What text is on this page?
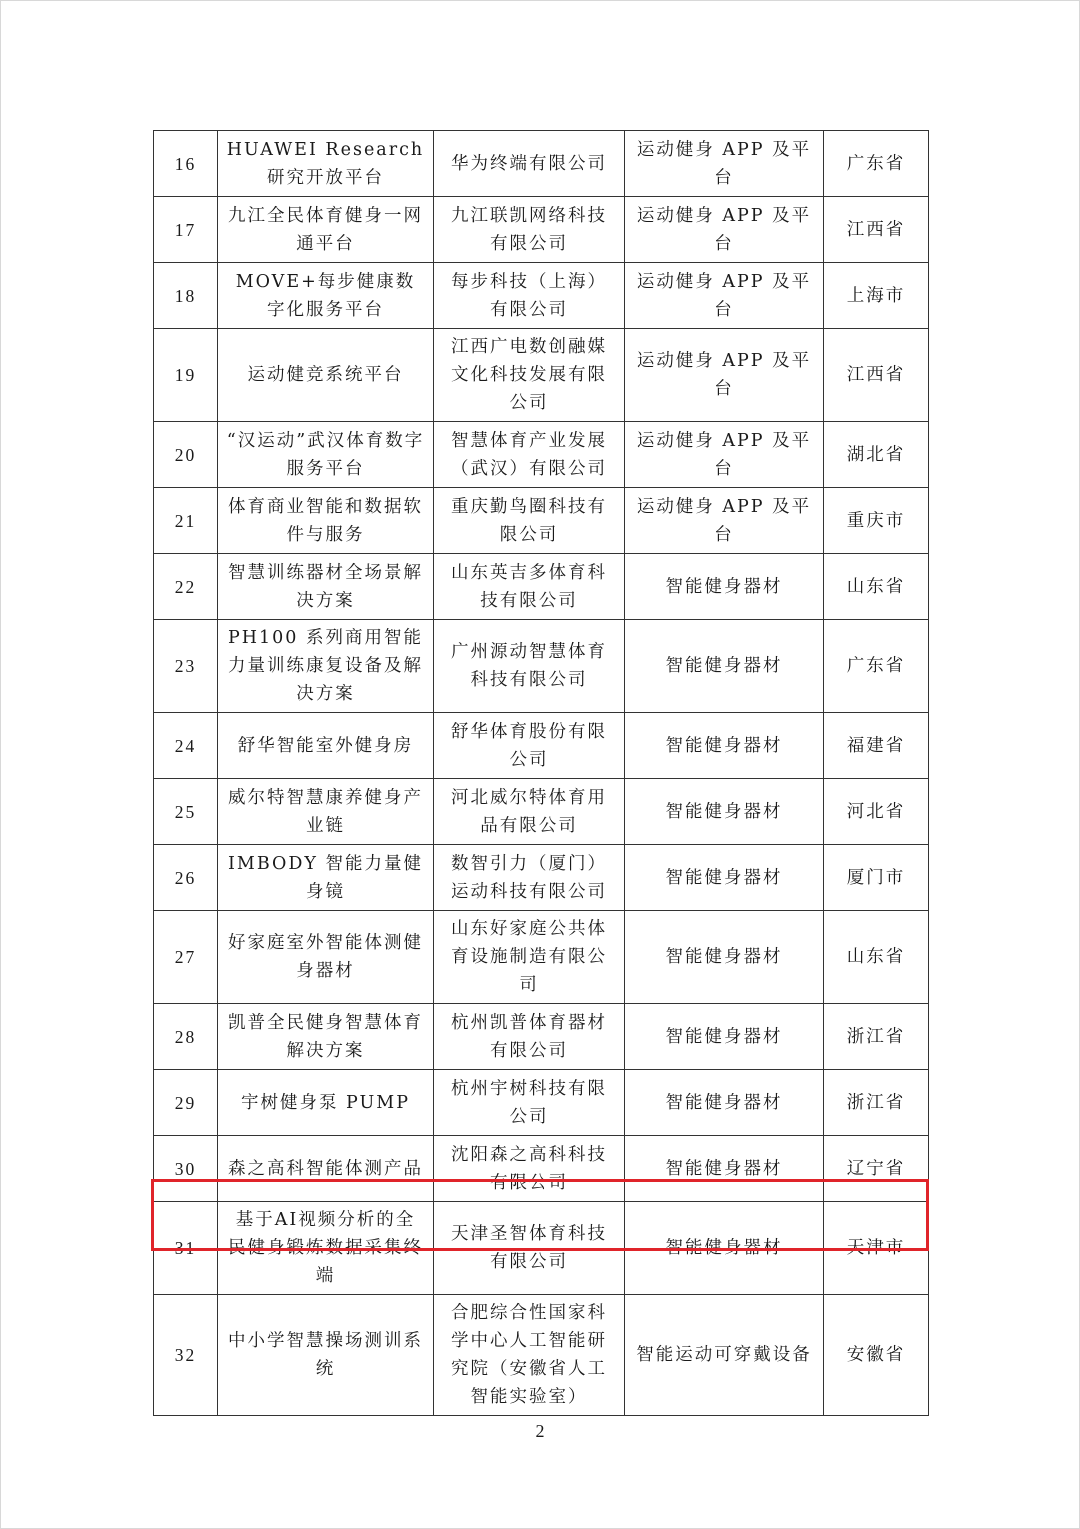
16	HUAWEI Research 研究开放平台	华为终端有限公司	运动健身 APP 及平台	广东省
17	九江全民体育健身一网通平台	九江联凯网络科技有限公司	运动健身 APP 及平台	江西省
18	MOVE+每步健康数字化服务平台	每步科技（上海）有限公司	运动健身 APP 及平台	上海市
19	运动健竞系统平台	江西广电数创融媒文化科技发展有限公司	运动健身 APP 及平台	江西省
20	“汉运动”武汉体育数字服务平台	智慧体育产业发展（武汉）有限公司	运动健身 APP 及平台	湖北省
21	体育商业智能和数据软件与服务	重庆勤鸟圈科技有限公司	运动健身 APP 及平台	重庆市
22	智慧训练器材全场景解决方案	山东英吉多体育科技有限公司	智能健身器材	山东省
23	PH100 系列商用智能力量训练康复设备及解决方案	广州源动智慧体育科技有限公司	智能健身器材	广东省
24	舒华智能室外健身房	舒华体育股份有限公司	智能健身器材	福建省
25	威尔特智慧康养健身产业链	河北威尔特体育用品有限公司	智能健身器材	河北省
26	IMBODY 智能力量健身镜	数智引力（厦门）运动科技有限公司	智能健身器材	厦门市
27	好家庭室外智能体测健身器材	山东好家庭公共体育设施制造有限公司	智能健身器材	山东省
28	凯普全民健身智慧体育解决方案	杭州凯普体育器材有限公司	智能健身器材	浙江省
29	宇树健身泵 PUMP	杭州宇树科技有限公司	智能健身器材	浙江省
30	森之高科智能体测产品	沈阳森之高科科技有限公司	智能健身器材	辽宁省
31	基于AI视频分析的全民健身锻炼数据采集终端	天津圣智体育科技有限公司	智能健身器材	天津市
32	中小学智慧操场测训系统	合肥综合性国家科学中心人工智能研究院（安徽省人工智能实验室）	智能运动可穿戴设备	安徽省
2
